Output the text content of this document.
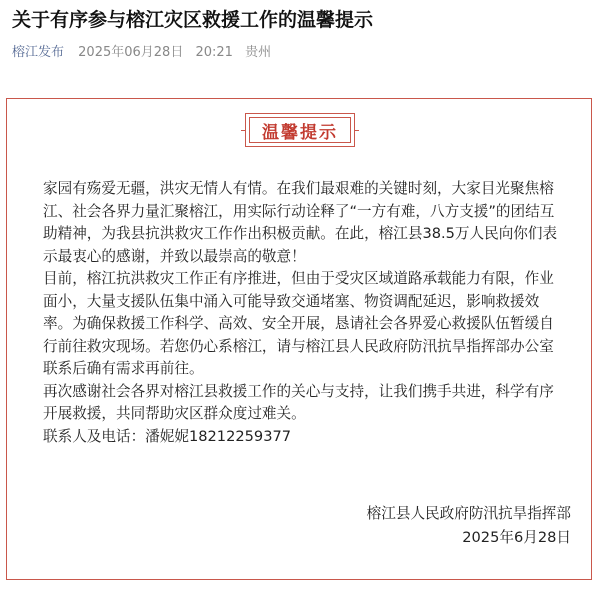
关于有序参与榕江灾区救援工作的温馨提示
榕江发布 2025年06月28日 20:21 贵州
温馨提示

家园有殇爱无疆，洪灾无情人有情。在我们最艰难的关键时刻，大家目光聚焦榕江、社会各界力量汇聚榕江，用实际行动诠释了“一方有难，八方支援”的团结互助精神，为我县抗洪救灾工作作出积极贡献。在此，榕江县38.5万人民向你们表示最衷心的感谢，并致以最崇高的敬意！

目前，榕江抗洪救灾工作正有序推进，但由于受灾区域道路承载能力有限，作业面小，大量支援队伍集中涌入可能导致交通堵塞、物资调配延迟，影响救援效率。为确保救援工作科学、高效、安全开展，恳请社会各界爱心救援队伍暂缓自行前往救灾现场。若您仍心系榕江，请与榕江县人民政府防汛抗旱指挥部办公室联系后确有需求再前往。

再次感谢社会各界对榕江县救援工作的关心与支持，让我们携手共进，科学有序开展救援，共同帮助灾区群众度过难关。

联系人及电话：潘妮妮18212259377

榕江县人民政府防汛抗旱指挥部
2025年6月28日
